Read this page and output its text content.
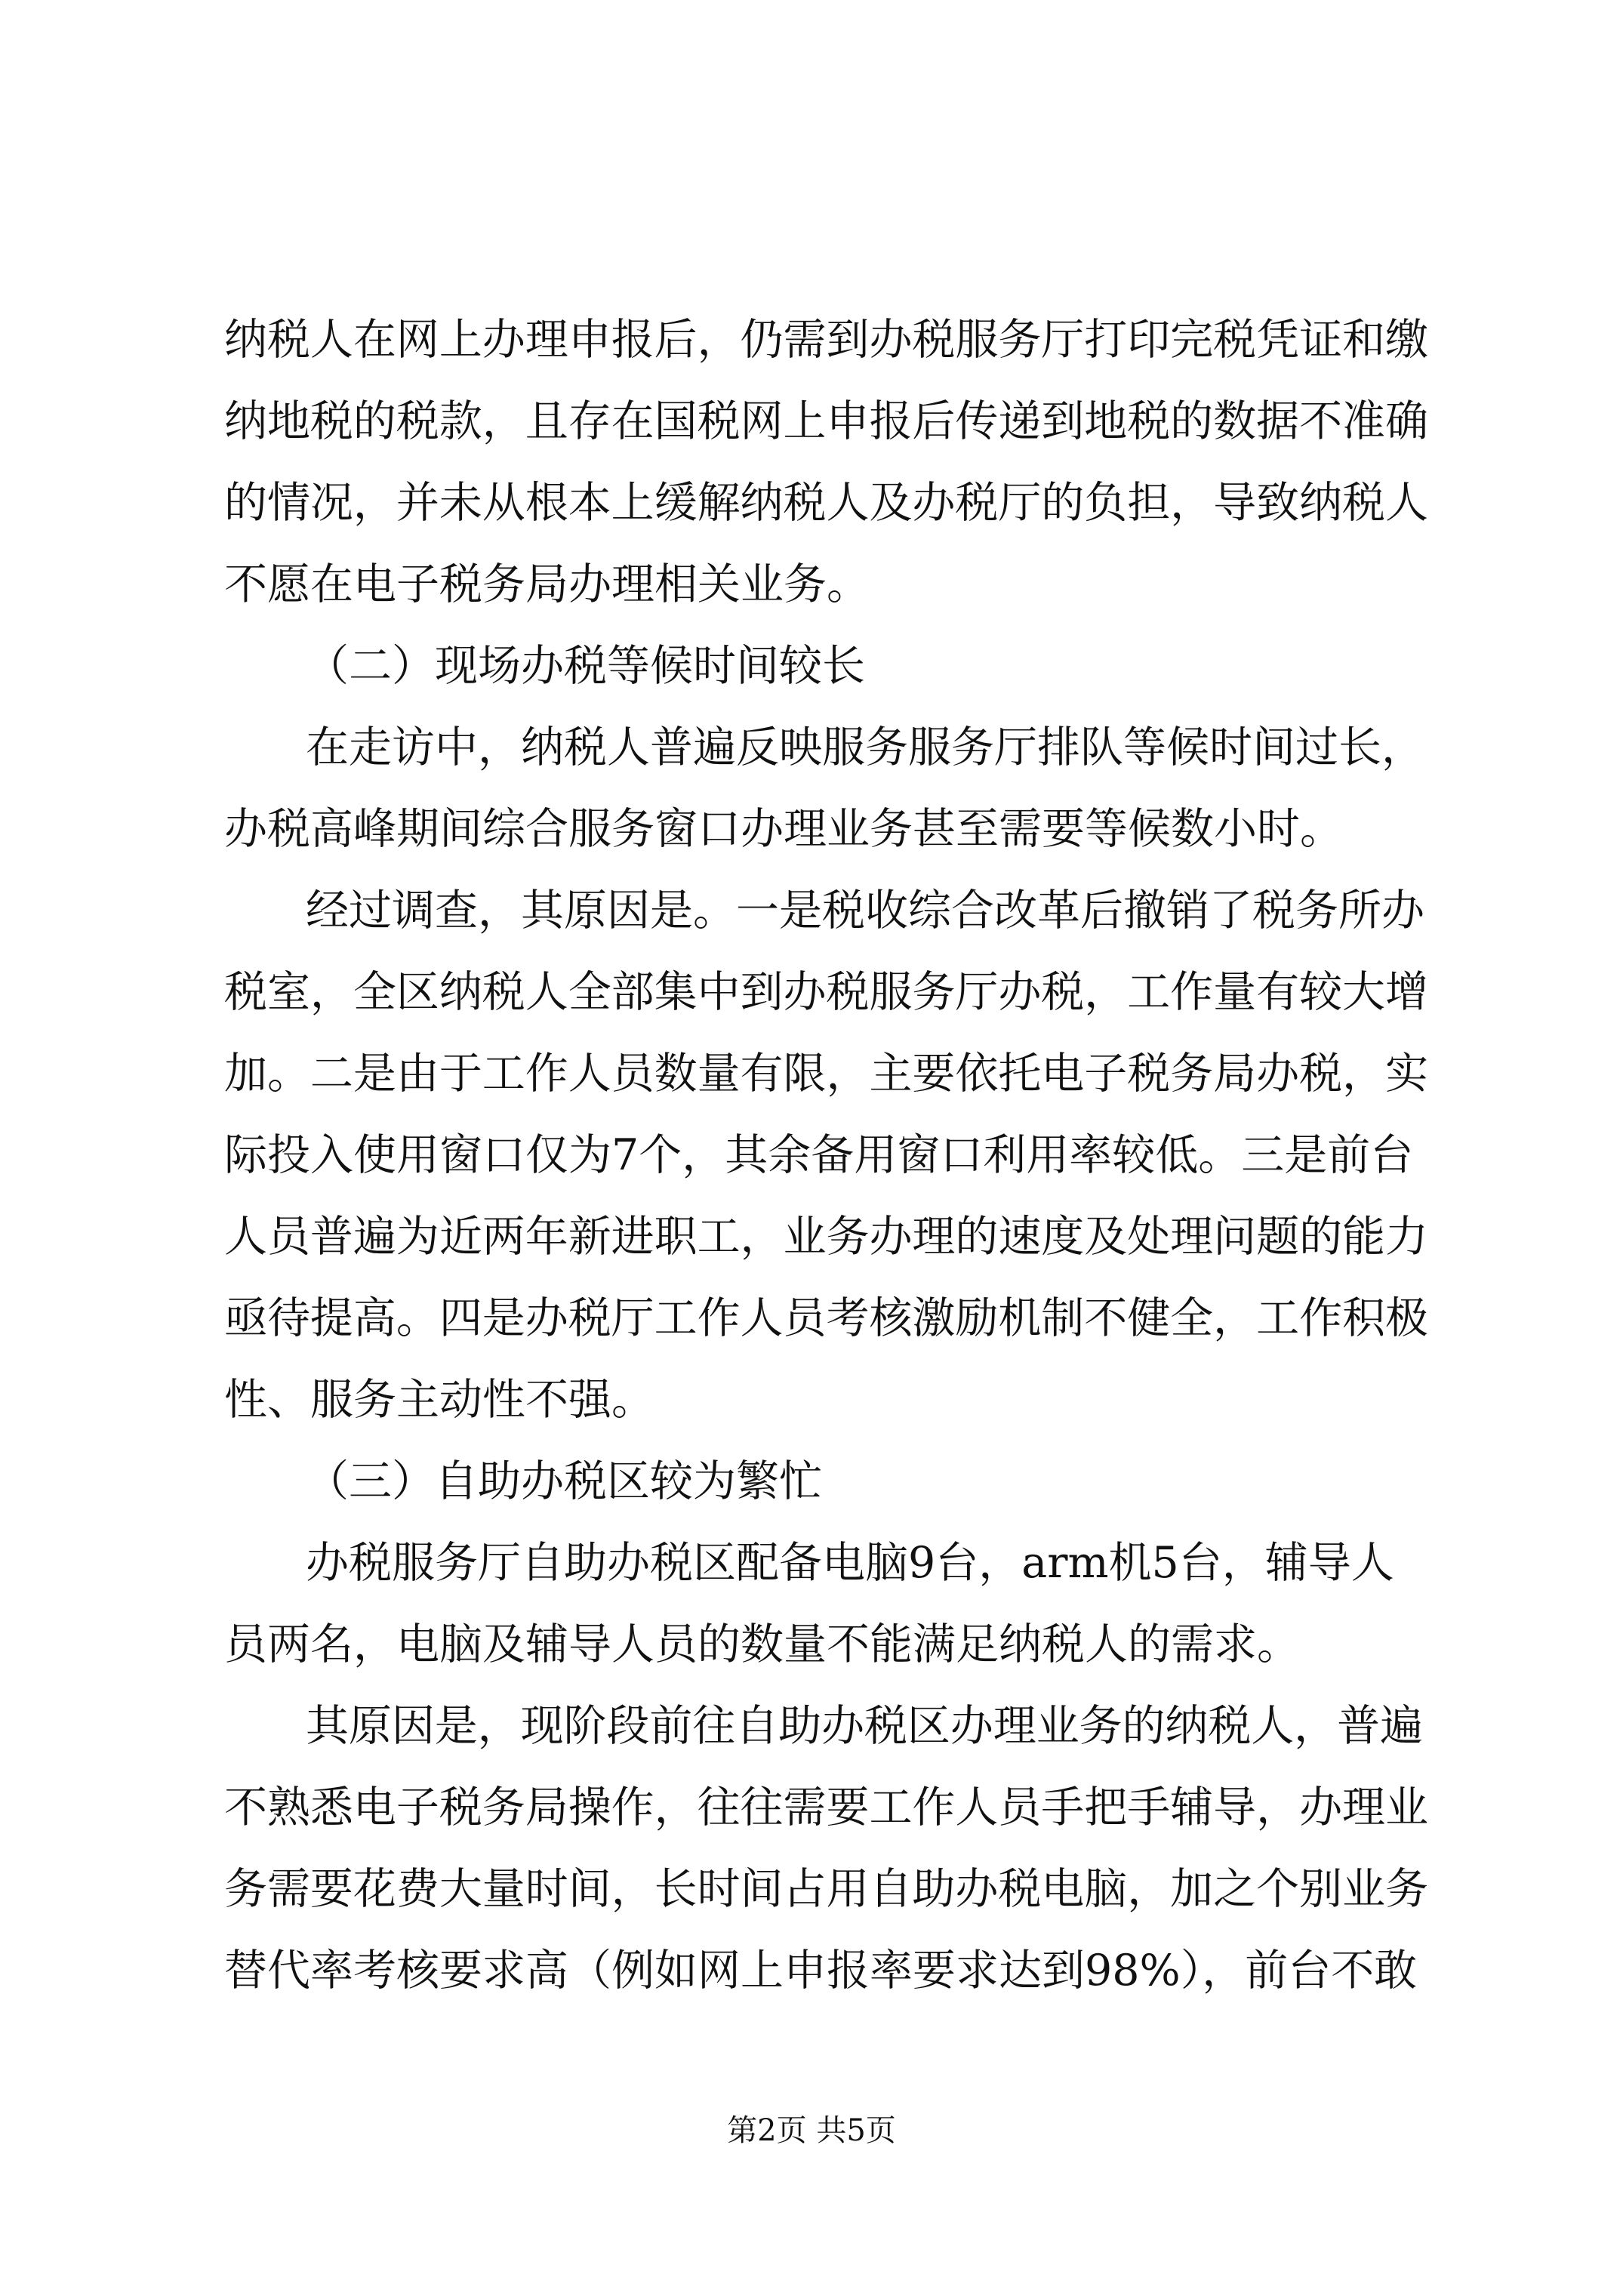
纳税人在网上办理申报后，仍需到办税服务厅打印完税凭证和缴
纳地税的税款，且存在国税网上申报后传递到地税的数据不准确
的情况，并未从根本上缓解纳税人及办税厅的负担，导致纳税人
不愿在电子税务局办理相关业务。
（二）现场办税等候时间较长
在走访中，纳税人普遍反映服务服务厅排队等候时间过长，
办税高峰期间综合服务窗口办理业务甚至需要等候数小时。
经过调查，其原因是。一是税收综合改革后撤销了税务所办
税室，全区纳税人全部集中到办税服务厅办税，工作量有较大增
加。二是由于工作人员数量有限，主要依托电子税务局办税，实
际投入使用窗口仅为7个，其余备用窗口利用率较低。三是前台
人员普遍为近两年新进职工，业务办理的速度及处理问题的能力
亟待提高。四是办税厅工作人员考核激励机制不健全，工作积极
性、服务主动性不强。
（三）自助办税区较为繁忙
办税服务厅自助办税区配备电脑9台，arm机5台，辅导人
员两名，电脑及辅导人员的数量不能满足纳税人的需求。
其原因是，现阶段前往自助办税区办理业务的纳税人，普遍
不熟悉电子税务局操作，往往需要工作人员手把手辅导，办理业
务需要花费大量时间，长时间占用自助办税电脑，加之个别业务
替代率考核要求高（例如网上申报率要求达到98%），前台不敢
第2页 共5页
